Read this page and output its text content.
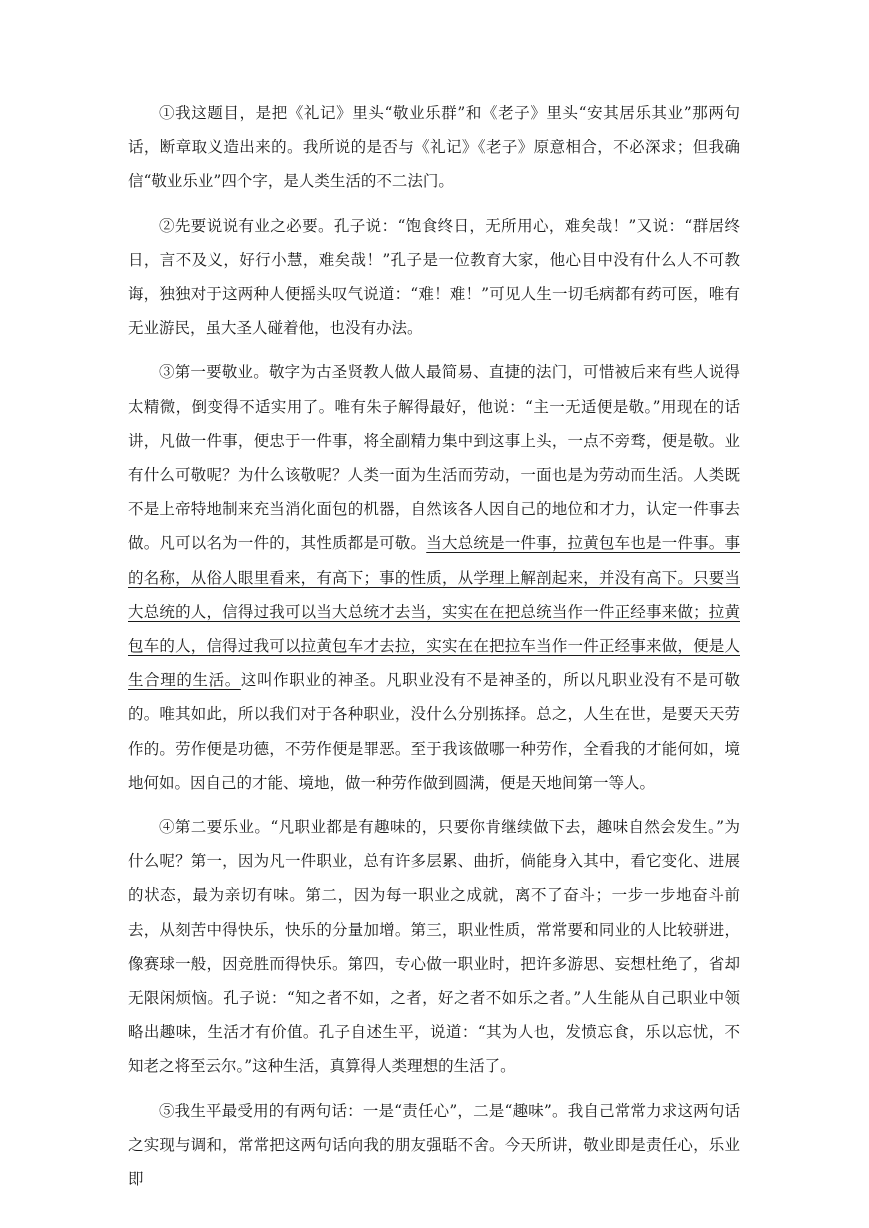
①我这题目，是把《礼记》里头“敬业乐群”和《老子》里头“安其居乐其业”那两句话，断章取义造出来的。我所说的是否与《礼记》《老子》原意相合，不必深求；但我确信“敬业乐业”四个字，是人类生活的不二法门。

②先要说说有业之必要。孔子说：“饱食终日，无所用心，难矣哉！”又说：“群居终日，言不及义，好行小慧，难矣哉！”孔子是一位教育大家，他心目中没有什么人不可教诲，独独对于这两种人便摇头叹气说道：“难！难！”可见人生一切毛病都有药可医，唯有无业游民，虽大圣人碰着他，也没有办法。

③第一要敬业。敬字为古圣贤教人做人最简易、直捷的法门，可惜被后来有些人说得太精微，倒变得不适实用了。唯有朱子解得最好，他说：“主一无适便是敬。”用现在的话讲，凡做一件事，便忠于一件事，将全副精力集中到这事上头，一点不旁骛，便是敬。业有什么可敬呢？为什么该敬呢？人类一面为生活而劳动，一面也是为劳动而生活。人类既不是上帝特地制来充当消化面包的机器，自然该各人因自己的地位和才力，认定一件事去做。凡可以名为一件的，其性质都是可敬。当大总统是一件事，拉黄包车也是一件事。事的名称，从俗人眼里看来，有高下；事的性质，从学理上解剖起来，并没有高下。只要当大总统的人，信得过我可以当大总统才去当，实实在在把总统当作一件正经事来做；拉黄包车的人，信得过我可以拉黄包车才去拉，实实在在把拉车当作一件正经事来做，便是人生合理的生活。这叫作职业的神圣。凡职业没有不是神圣的，所以凡职业没有不是可敬的。唯其如此，所以我们对于各种职业，没什么分别拣择。总之，人生在世，是要天天劳作的。劳作便是功德，不劳作便是罪恶。至于我该做哪一种劳作，全看我的才能何如，境地何如。因自己的才能、境地，做一种劳作做到圆满，便是天地间第一等人。

④第二要乐业。“凡职业都是有趣味的，只要你肯继续做下去，趣味自然会发生。”为什么呢？第一，因为凡一件职业，总有许多层累、曲折，倘能身入其中，看它变化、进展的状态，最为亲切有味。第二，因为每一职业之成就，离不了奋斗；一步一步地奋斗前去，从刻苦中得快乐，快乐的分量加增。第三，职业性质，常常要和同业的人比较骈进，像赛球一般，因竞胜而得快乐。第四，专心做一职业时，把许多游思、妄想杜绝了，省却无限闲烦恼。孔子说：“知之者不如，之者，好之者不如乐之者。”人生能从自己职业中领略出趣味，生活才有价值。孔子自述生平，说道：“其为人也，发愤忘食，乐以忘忧，不知老之将至云尔。”这种生活，真算得人类理想的生活了。

⑤我生平最受用的有两句话：一是“责任心”，二是“趣味”。我自己常常力求这两句话之实现与调和，常常把这两句话向我的朋友强聒不舍。今天所讲，敬业即是责任心，乐业即
